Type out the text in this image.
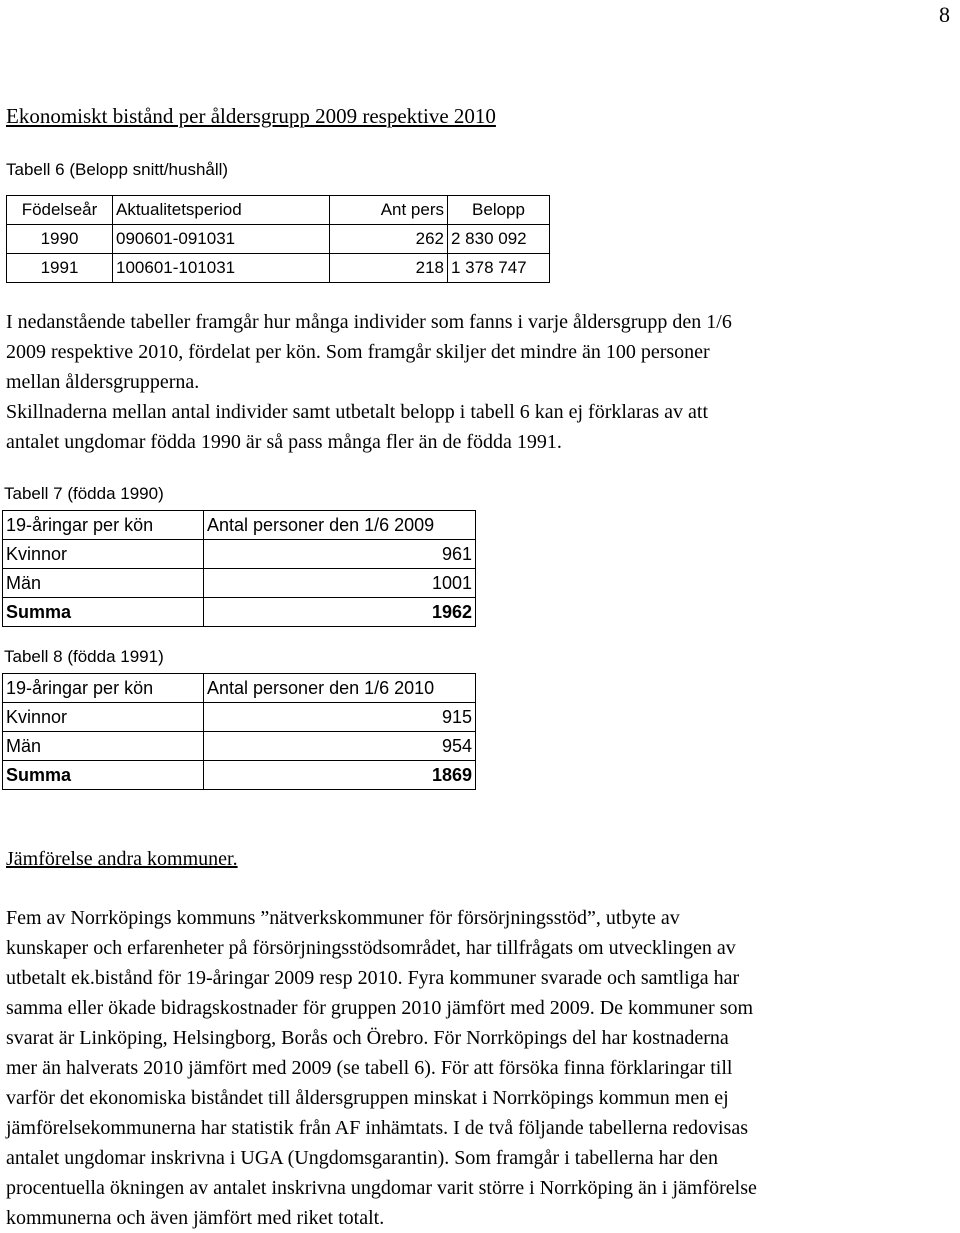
8
Ekonomiskt bistånd per åldersgrupp 2009 respektive 2010
Tabell 6 (Belopp snitt/hushåll)
Födelseår	Aktualitetsperiod	Ant pers	Belopp
1990	090601-091031	262	2 830 092
1991	100601-101031	218	1 378 747
I nedanstående tabeller framgår hur många individer som fanns i varje åldersgrupp den 1/6
2009 respektive 2010, fördelat per kön. Som framgår skiljer det mindre än 100 personer
mellan åldersgrupperna.
Skillnaderna mellan antal individer samt utbetalt belopp i tabell 6 kan ej förklaras av att
antalet ungdomar födda 1990 är så pass många fler än de födda 1991.
Tabell 7 (födda 1990)
19-åringar per kön	Antal personer den 1/6 2009
Kvinnor	961
Män	1001
Summa	1962
Tabell 8 (födda 1991)
19-åringar per kön	Antal personer den 1/6 2010
Kvinnor	915
Män	954
Summa	1869
Jämförelse andra kommuner.
Fem av Norrköpings kommuns ”nätverkskommuner för försörjningsstöd”, utbyte av
kunskaper och erfarenheter på försörjningsstödsområdet, har tillfrågats om utvecklingen av
utbetalt ek.bistånd för 19-åringar 2009 resp 2010. Fyra kommuner svarade och samtliga har
samma eller ökade bidragskostnader för gruppen 2010 jämfört med 2009. De kommuner som
svarat är Linköping, Helsingborg, Borås och Örebro. För Norrköpings del har kostnaderna
mer än halverats 2010 jämfört med 2009 (se tabell 6). För att försöka finna förklaringar till
varför det ekonomiska biståndet till åldersgruppen minskat i Norrköpings kommun men ej
jämförelsekommunerna har statistik från AF inhämtats. I de två följande tabellerna redovisas
antalet ungdomar inskrivna i UGA (Ungdomsgarantin). Som framgår i tabellerna har den
procentuella ökningen av antalet inskrivna ungdomar varit större i Norrköping än i jämförelse
kommunerna och även jämfört med riket totalt.
